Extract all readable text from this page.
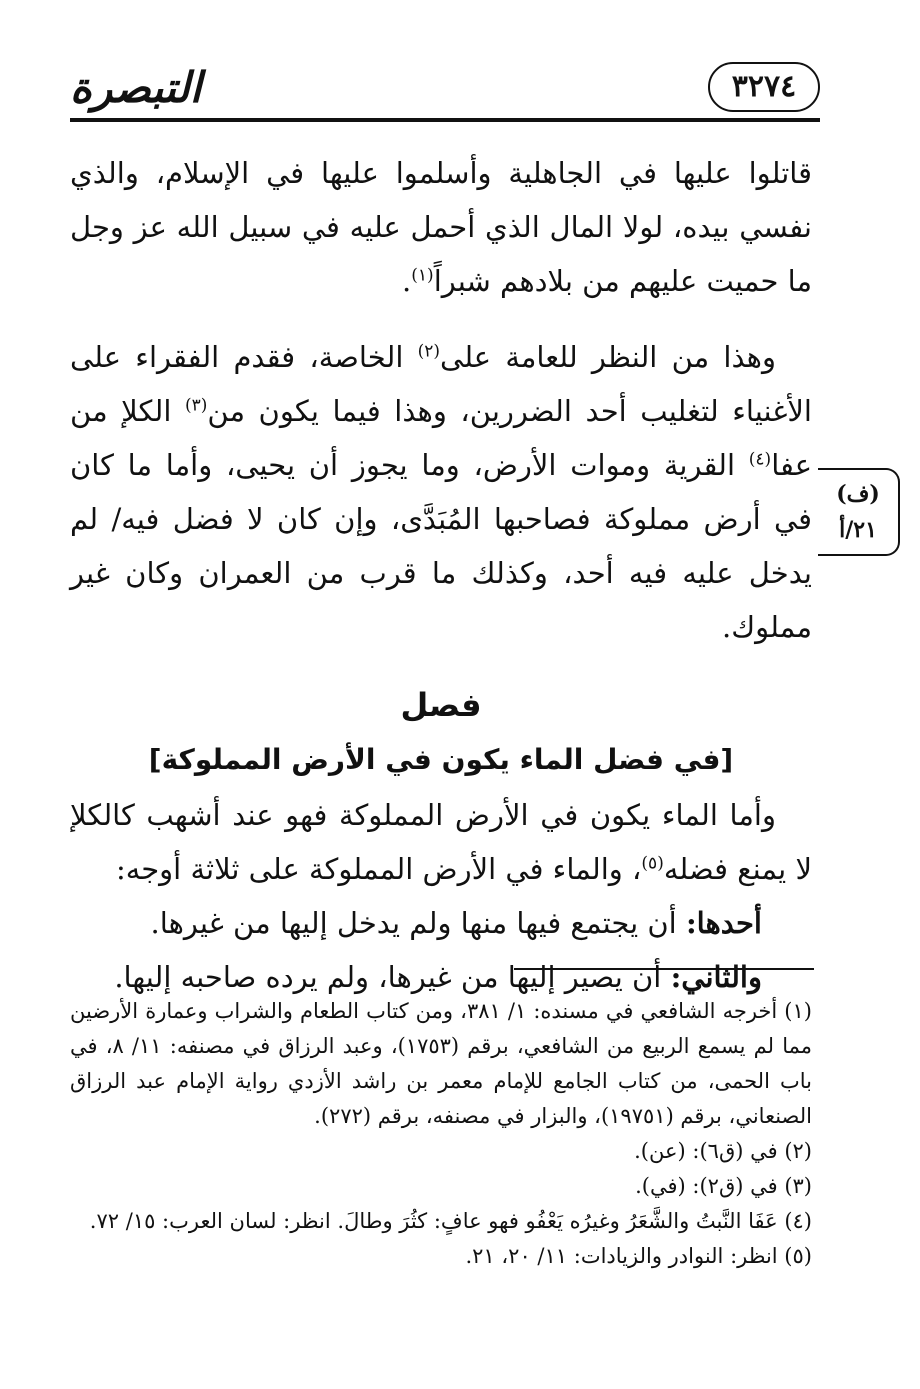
التبصرة	٣٢٧٤
(ف)
٢١/أ

قاتلوا عليها في الجاهلية وأسلموا عليها في الإسلام، والذي نفسي بيده، لولا المال الذي أحمل عليه في سبيل الله عز وجل ما حميت عليهم من بلادهم شبراً$^{(١)}$.

وهذا من النظر للعامة على$^{(٢)}$ الخاصة، فقدم الفقراء على الأغنياء لتغليب أحد الضررين، وهذا فيما يكون من$^{(٣)}$ الكلإ من عفا$^{(٤)}$ القرية وموات الأرض، وما يجوز أن يحيى، وأما ما كان في أرض مملوكة فصاحبها المُبَدَّى، وإن كان لا فضل فيه/ لم يدخل عليه فيه أحد، وكذلك ما قرب من العمران وكان غير مملوك.

فصل
[في فضل الماء يكون في الأرض المملوكة]

وأما الماء يكون في الأرض المملوكة فهو عند أشهب كالكلإ لا يمنع فضله$^{(٥)}$، والماء في الأرض المملوكة على ثلاثة أوجه:

أحدها: أن يجتمع فيها منها ولم يدخل إليها من غيرها.

والثاني: أن يصير إليها من غيرها، ولم يرده صاحبه إليها.

(١) أخرجه الشافعي في مسنده: ١/ ٣٨١، ومن كتاب الطعام والشراب وعمارة الأرضين مما لم يسمع الربيع من الشافعي، برقم (١٧٥٣)، وعبد الرزاق في مصنفه: ١١/ ٨، في باب الحمى، من كتاب الجامع للإمام معمر بن راشد الأزدي رواية الإمام عبد الرزاق الصنعاني، برقم (١٩٧٥١)، والبزار في مصنفه، برقم (٢٧٢).

(٢) في (ق٦): (عن).

(٣) في (ق٢): (في).

(٤) عَفَا النَّبتُ والشَّعَرُ وغيرُه يَعْفُو فهو عافٍ: كثُرَ وطالَ. انظر: لسان العرب: ١٥/ ٧٢.

(٥) انظر: النوادر والزيادات: ١١/ ٢٠، ٢١.
